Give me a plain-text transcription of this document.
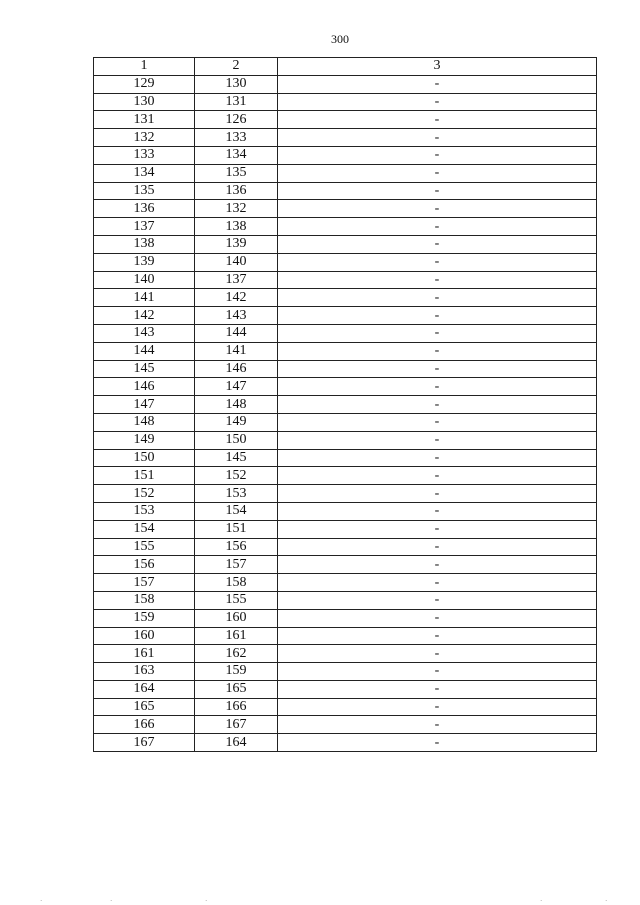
300
1	2	3
129	130	-
130	131	-
131	126	-
132	133	-
133	134	-
134	135	-
135	136	-
136	132	-
137	138	-
138	139	-
139	140	-
140	137	-
141	142	-
142	143	-
143	144	-
144	141	-
145	146	-
146	147	-
147	148	-
148	149	-
149	150	-
150	145	-
151	152	-
152	153	-
153	154	-
154	151	-
155	156	-
156	157	-
157	158	-
158	155	-
159	160	-
160	161	-
161	162	-
163	159	-
164	165	-
165	166	-
166	167	-
167	164	-
·	·	·	·	·
